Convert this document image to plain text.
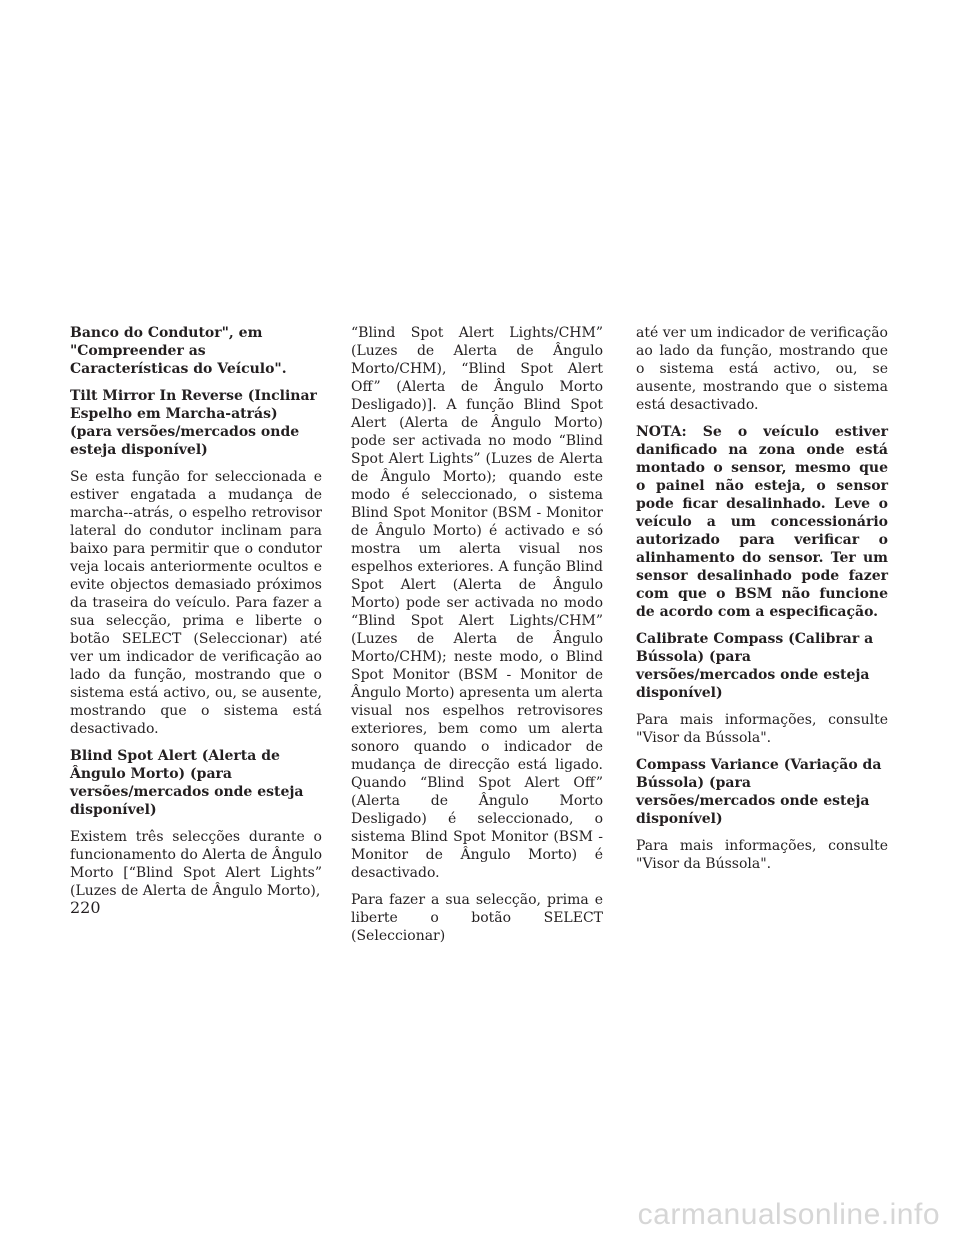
Banco do Condutor", em "Compreender as Características do Veículo".

Tilt Mirror In Reverse (Inclinar Espelho em Marcha-atrás) (para versões/mercados onde esteja disponível)

Se esta função for seleccionada e estiver engatada a mudança de marcha--atrás, o espelho retrovisor lateral do condutor inclinam para baixo para permitir que o condutor veja locais anteriormente ocultos e evite objectos demasiado próximos da traseira do veículo. Para fazer a sua selecção, prima e liberte o botão SELECT (Seleccionar) até ver um indicador de verificação ao lado da função, mostrando que o sistema está activo, ou, se ausente, mostrando que o sistema está desactivado.

Blind Spot Alert (Alerta de Ângulo Morto) (para versões/mercados onde esteja disponível)

Existem três selecções durante o funcionamento do Alerta de Ângulo Morto [“Blind Spot Alert Lights” (Luzes de Alerta de Ângulo Morto),

“Blind Spot Alert Lights/CHM” (Luzes de Alerta de Ângulo Morto/CHM), “Blind Spot Alert Off” (Alerta de Ângulo Morto Desligado)]. A função Blind Spot Alert (Alerta de Ângulo Morto) pode ser activada no modo “Blind Spot Alert Lights” (Luzes de Alerta de Ângulo Morto); quando este modo é seleccionado, o sistema Blind Spot Monitor (BSM - Monitor de Ângulo Morto) é activado e só mostra um alerta visual nos espelhos exteriores. A função Blind Spot Alert (Alerta de Ângulo Morto) pode ser activada no modo “Blind Spot Alert Lights/CHM” (Luzes de Alerta de Ângulo Morto/CHM); neste modo, o Blind Spot Monitor (BSM - Monitor de Ângulo Morto) apresenta um alerta visual nos espelhos retrovisores exteriores, bem como um alerta sonoro quando o indicador de mudança de direcção está ligado. Quando “Blind Spot Alert Off” (Alerta de Ângulo Morto Desligado) é seleccionado, o sistema Blind Spot Monitor (BSM - Monitor de Ângulo Morto) é desactivado.

Para fazer a sua selecção, prima e liberte o botão SELECT (Seleccionar)

até ver um indicador de verificação ao lado da função, mostrando que o sistema está activo, ou, se ausente, mostrando que o sistema está desactivado.

NOTA: Se o veículo estiver danificado na zona onde está montado o sensor, mesmo que o painel não esteja, o sensor pode ficar desalinhado. Leve o veículo a um concessionário autorizado para verificar o alinhamento do sensor. Ter um sensor desalinhado pode fazer com que o BSM não funcione de acordo com a especificação.

Calibrate Compass (Calibrar a Bússola) (para versões/mercados onde esteja disponível)

Para mais informações, consulte "Visor da Bússola".

Compass Variance (Variação da Bússola) (para versões/mercados onde esteja disponível)

Para mais informações, consulte "Visor da Bússola".

220
carmanualsonline.info
